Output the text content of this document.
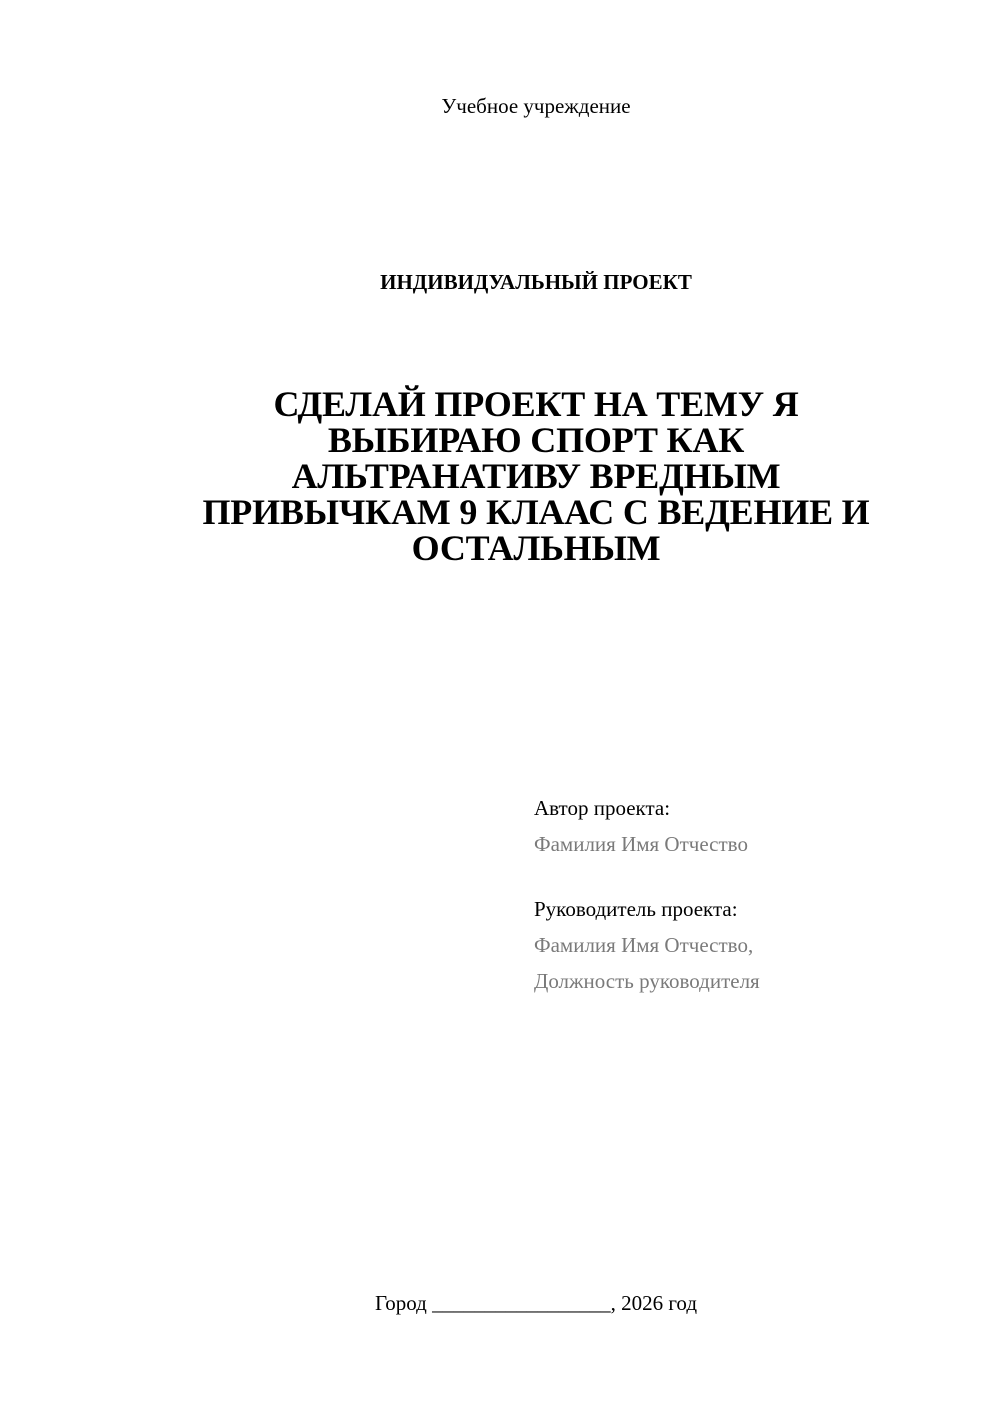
Учебное учреждение
ИНДИВИДУАЛЬНЫЙ ПРОЕКТ
СДЕЛАЙ ПРОЕКТ НА ТЕМУ Я
ВЫБИРАЮ СПОРТ КАК
АЛЬТРАНАТИВУ ВРЕДНЫМ
ПРИВЫЧКАМ 9 КЛААС С ВЕДЕНИЕ И
ОСТАЛЬНЫМ
Автор проекта:
Фамилия Имя Отчество
Руководитель проекта:
Фамилия Имя Отчество,
Должность руководителя
Город _________________, 2026 год
